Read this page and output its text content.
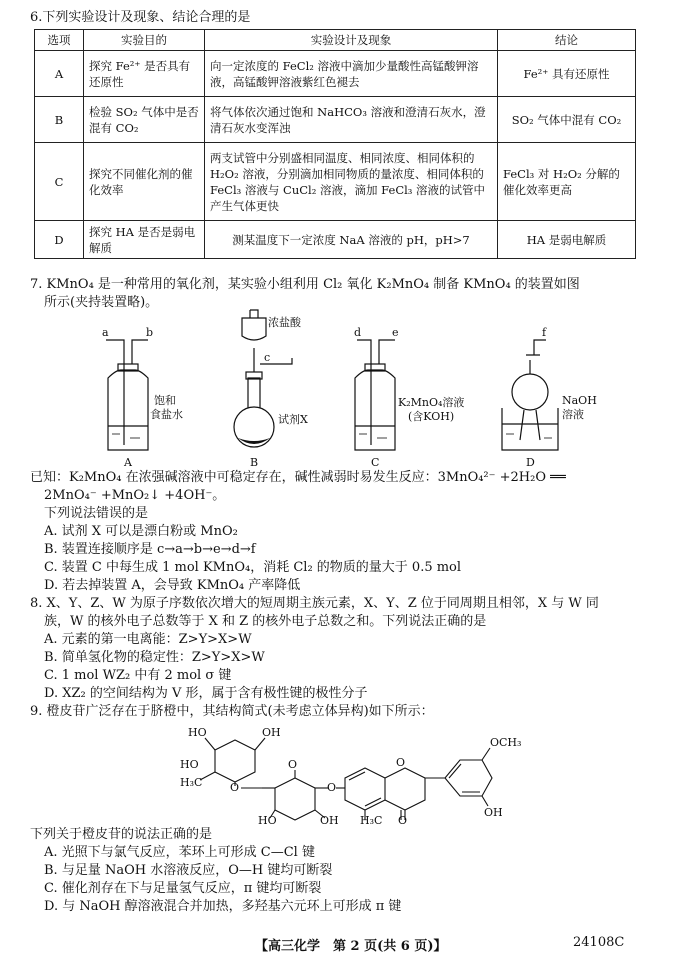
6.下列实验设计及现象、结论合理的是
选项	实验目的	实验设计及现象	结论
A	探究 Fe²⁺ 是否具有还原性	向一定浓度的 FeCl₂ 溶液中滴加少量酸性高锰酸钾溶液，高锰酸钾溶液紫红色褪去	Fe²⁺ 具有还原性
B	检验 SO₂ 气体中是否混有 CO₂	将气体依次通过饱和 NaHCO₃ 溶液和澄清石灰水，澄清石灰水变浑浊	SO₂ 气体中混有 CO₂
C	探究不同催化剂的催化效率	两支试管中分别盛相同温度、相同浓度、相同体积的 H₂O₂ 溶液，分别滴加相同物质的量浓度、相同体积的 FeCl₃ 溶液与 CuCl₂ 溶液，滴加 FeCl₃ 溶液的试管中产生气体更快	FeCl₃ 对 H₂O₂ 分解的催化效率更高
D	探究 HA 是否是弱电解质	测某温度下一定浓度 NaA 溶液的 pH，pH>7	HA 是弱电解质
7. KMnO₄ 是一种常用的氧化剂，某实验小组利用 Cl₂ 氧化 K₂MnO₄ 制备 KMnO₄ 的装置如图
所示(夹持装置略)。
a	b
c
d	e	f
A	B	C	D
浓盐酸
试剂X
饱和
食盐水
K₂MnO₄溶液
(含KOH)
NaOH
溶液
已知：K₂MnO₄ 在浓强碱溶液中可稳定存在，碱性减弱时易发生反应：3MnO₄²⁻ +2H₂O ══
2MnO₄⁻ +MnO₂↓ +4OH⁻。
下列说法错误的是
A. 试剂 X 可以是漂白粉或 MnO₂
B. 装置连接顺序是 c→a→b→e→d→f
C. 装置 C 中每生成 1 mol KMnO₄，消耗 Cl₂ 的物质的量大于 0.5 mol
D. 若去掉装置 A，会导致 KMnO₄ 产率降低
8. X、Y、Z、W 为原子序数依次增大的短周期主族元素，X、Y、Z 位于同周期且相邻，X 与 W 同
族，W 的核外电子总数等于 X 和 Z 的核外电子总数之和。下列说法正确的是
A. 元素的第一电离能：Z>Y>X>W
B. 简单氢化物的稳定性：Z>Y>X>W
C. 1 mol WZ₂ 中有 2 mol σ 键
D. XZ₂ 的空间结构为 V 形，属于含有极性键的极性分子
9. 橙皮苷广泛存在于脐橙中，其结构简式(未考虑立体异构)如下所示：
HO	OH
HO
H₃C	O	O
O
OCH₃
HO
O
OH H₃C O
OH
下列关于橙皮苷的说法正确的是
A. 光照下与氯气反应，苯环上可形成 C—Cl 键
B. 与足量 NaOH 水溶液反应，O—H 键均可断裂
C. 催化剂存在下与足量氢气反应，π 键均可断裂
D. 与 NaOH 醇溶液混合并加热，多羟基六元环上可形成 π 键
【高三化学　第 2 页(共 6 页)】	24108C
